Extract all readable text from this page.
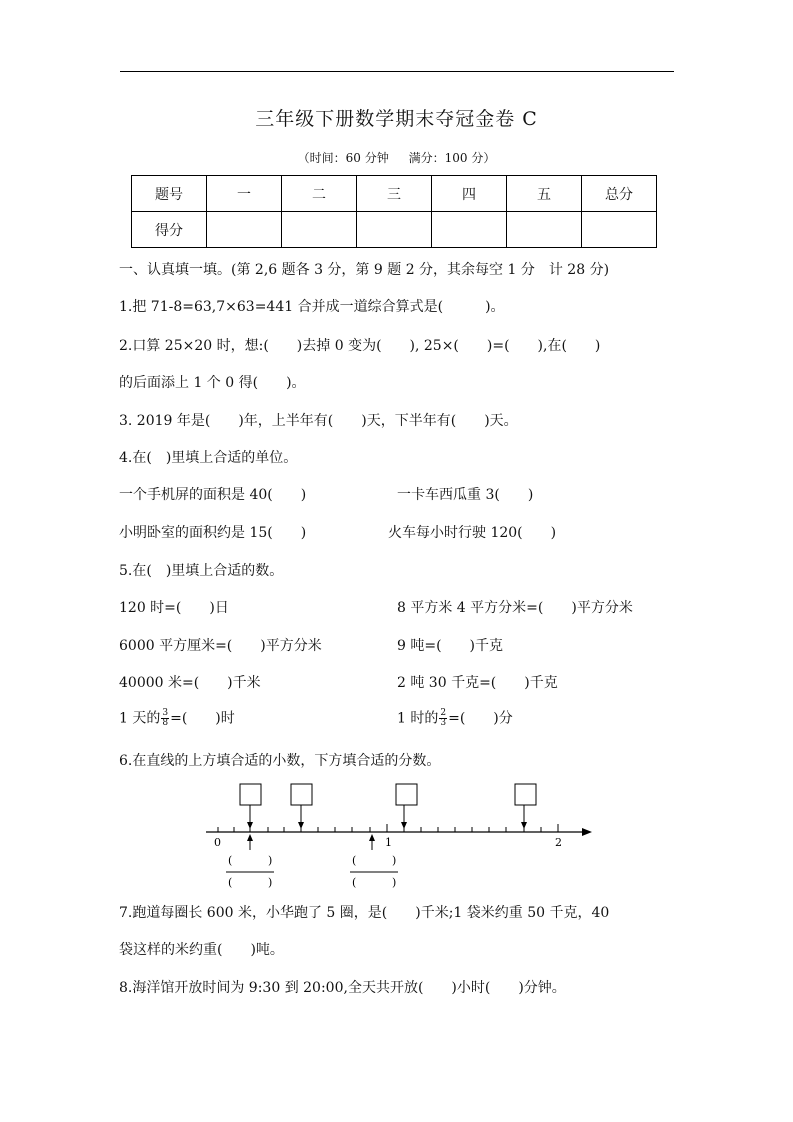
三年级下册数学期末夺冠金卷 C
（时间：60 分钟 满分：100 分）
题号	一	二	三	四	五	总分
得分						
一、认真填一填。(第 2,6 题各 3 分，第 9 题 2 分，其余每空 1 分　计 28 分)
1.把 71-8=63,7×63=441 合并成一道综合算式是(　　　)。
2.口算 25×20 时，想:(　　)去掉 0 变为(　　), 25×(　　)=(　　),在(　　)
的后面添上 1 个 0 得(　　)。
3. 2019 年是(　　)年，上半年有(　　)天，下半年有(　　)天。
4.在(　)里填上合适的单位。
一个手机屏的面积是 40(　　)	一卡车西瓜重 3(　　)
小明卧室的面积约是 15(　　)	火车每小时行驶 120(　　)
5.在(　)里填上合适的数。
120 时=(　　)日	8 平方米 4 平方分米=(　　)平方分米
6000 平方厘米=(　　)平方分米	9 吨=(　　)千克
40000 米=(　　)千米	2 吨 30 千克=(　　)千克
1 天的 $\frac{3}{8}$ =(　　)时	1 时的 $\frac{2}{3}$ =(　　)分
6.在直线的上方填合适的小数，下方填合适的分数。
0	1	2
(	)
(	)
(	)
(	)
7.跑道每圈长 600 米，小华跑了 5 圈，是(　　)千米;1 袋米约重 50 千克，40
袋这样的米约重(　　)吨。
8.海洋馆开放时间为 9:30 到 20:00,全天共开放(　　)小时(　　)分钟。
